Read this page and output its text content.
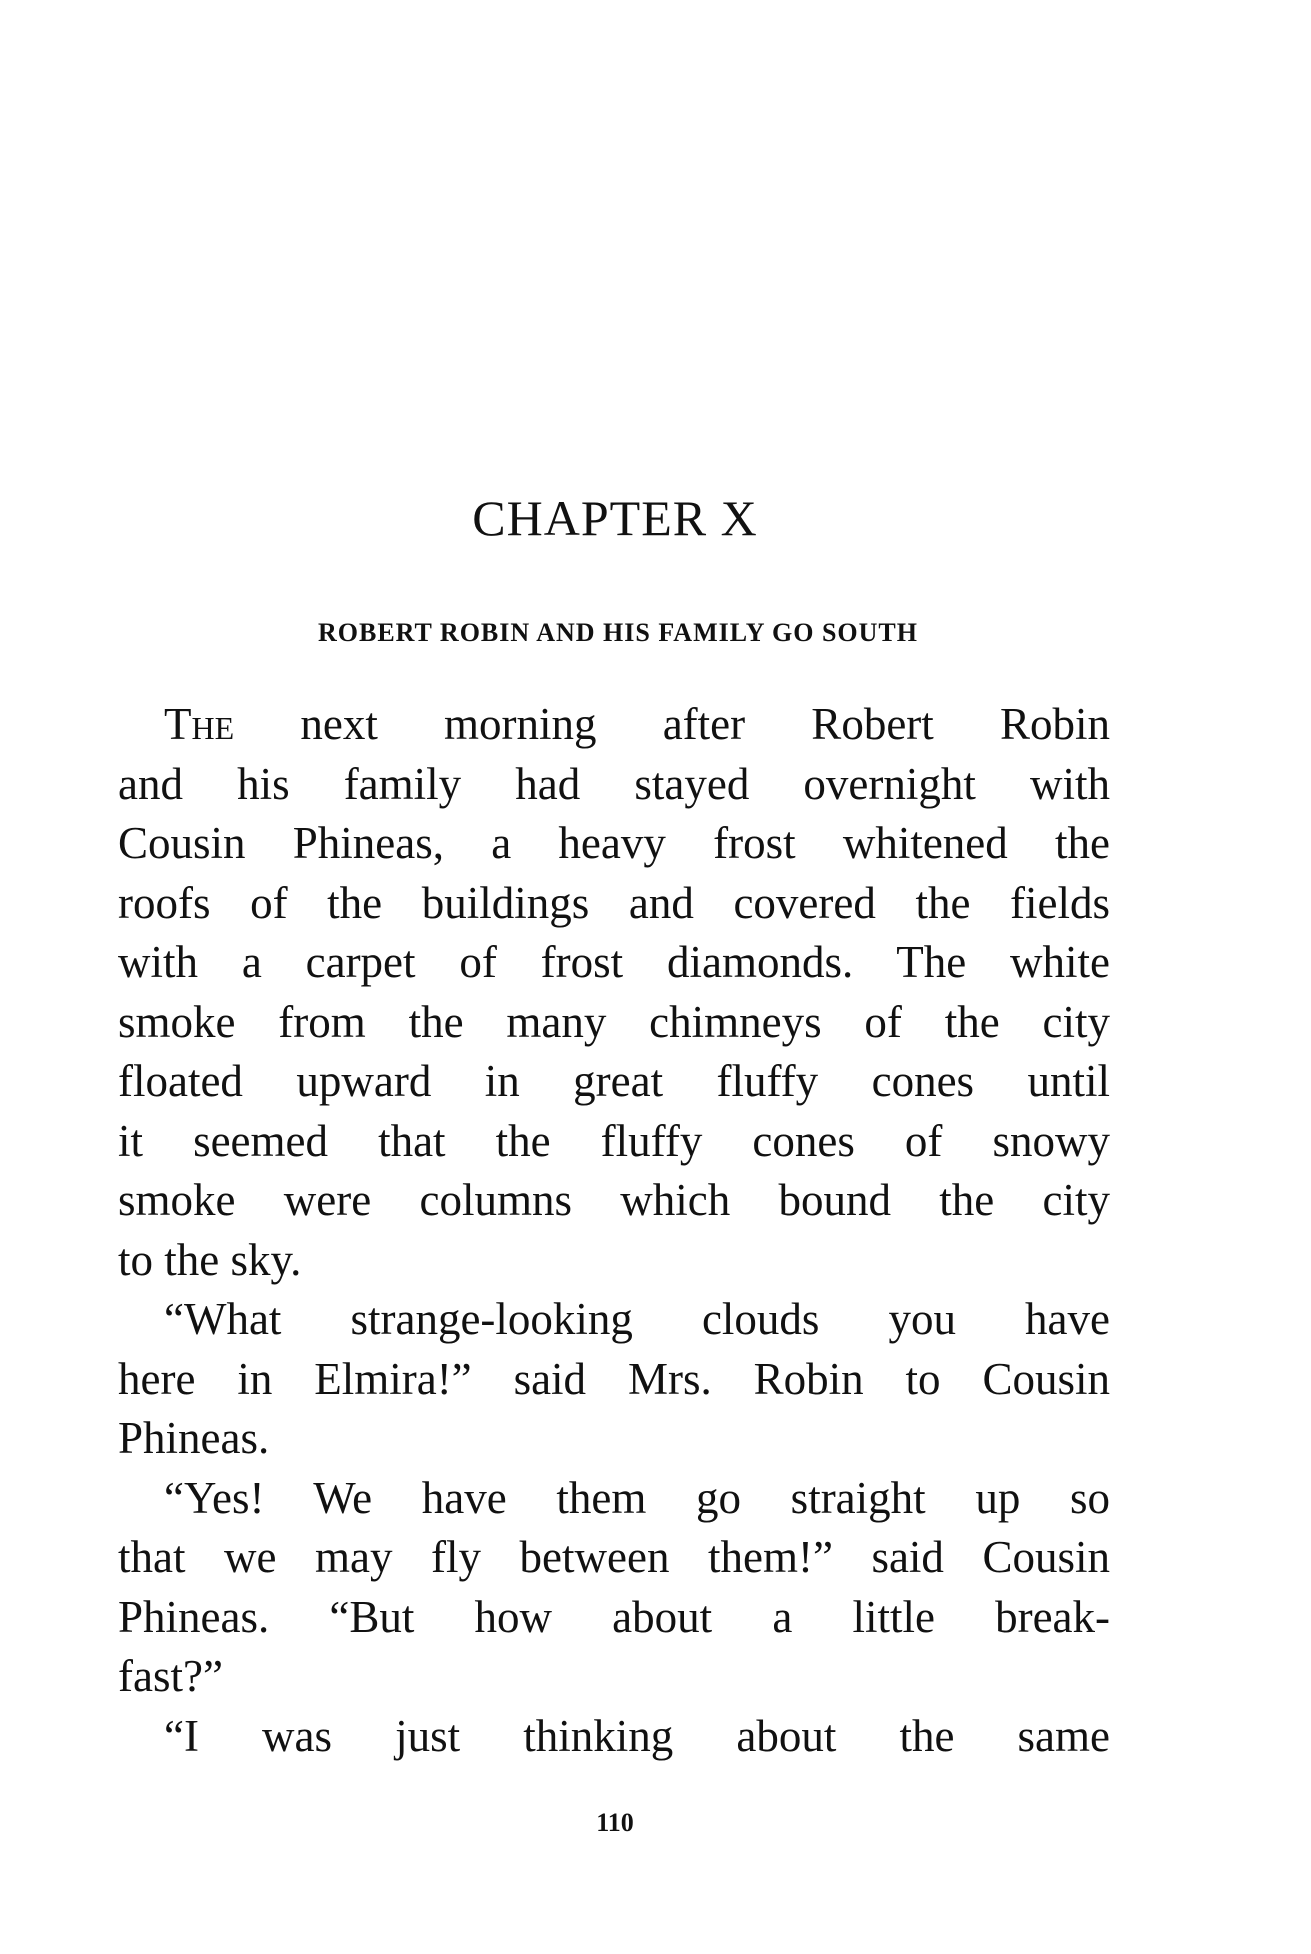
CHAPTER X
ROBERT ROBIN AND HIS FAMILY GO SOUTH

The next morning after Robert Robin
and his family had stayed overnight with
Cousin Phineas, a heavy frost whitened the
roofs of the buildings and covered the fields
with a carpet of frost diamonds. The white
smoke from the many chimneys of the city
floated upward in great fluffy cones until
it seemed that the fluffy cones of snowy
smoke were columns which bound the city
to the sky.

“What strange-looking clouds you have
here in Elmira!” said Mrs. Robin to Cousin
Phineas.

“Yes! We have them go straight up so
that we may fly between them!” said Cousin
Phineas. “But how about a little break-
fast?”

“I was just thinking about the same

110
